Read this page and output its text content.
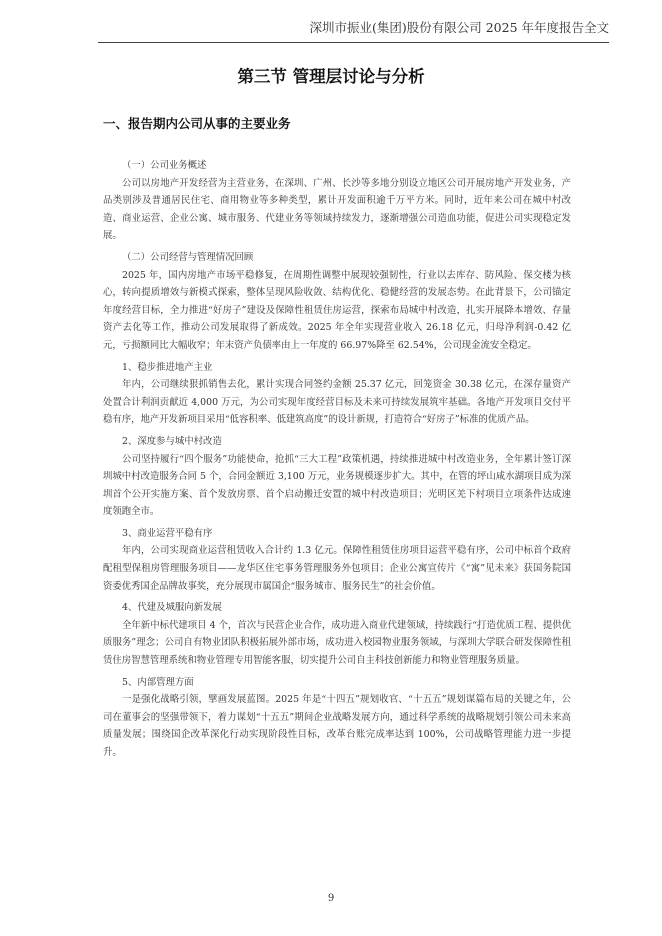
深圳市振业(集团)股份有限公司 2025 年年度报告全文
第三节 管理层讨论与分析
一、报告期内公司从事的主要业务

（一）公司业务概述

公司以房地产开发经营为主营业务，在深圳、广州、长沙等多地分别设立地区公司开展房地产开发业务，产品类别涉及普通居民住宅、商用物业等多种类型，累计开发面积逾千万平方米。同时，近年来公司在城中村改造、商业运营、企业公寓、城市服务、代建业务等领域持续发力，逐渐增强公司造血功能，促进公司实现稳定发展。

（二）公司经营与管理情况回顾

2025 年，国内房地产市场平稳修复，在周期性调整中展现较强韧性，行业以去库存、防风险、保交楼为核心，转向提质增效与新模式探索，整体呈现风险收敛、结构优化、稳健经营的发展态势。在此背景下，公司锚定年度经营目标，全力推进“好房子”建设及保障性租赁住房运营，探索布局城中村改造，扎实开展降本增效、存量资产去化等工作，推动公司发展取得了新成效。2025 年全年实现营业收入 26.18 亿元，归母净利润-0.42 亿元，亏损额同比大幅收窄；年末资产负债率由上一年度的 66.97%降至 62.54%，公司现金流安全稳定。

1、稳步推进地产主业

年内，公司继续狠抓销售去化，累计实现合同签约金额 25.37 亿元，回笼资金 30.38 亿元，在深存量资产处置合计利润贡献近 4,000 万元，为公司实现年度经营目标及未来可持续发展筑牢基础。各地产开发项目交付平稳有序，地产开发新项目采用“低容积率、低建筑高度”的设计新规，打造符合“好房子”标准的优质产品。

2、深度参与城中村改造

公司坚持履行“四个服务”功能使命，抢抓“三大工程”政策机遇，持续推进城中村改造业务，全年累计签订深圳城中村改造服务合同 5 个，合同金额近 3,100 万元，业务规模逐步扩大。其中，在管的坪山咸水湖项目成为深圳首个公开实施方案、首个发放房票、首个启动搬迁安置的城中村改造项目；光明区羌下村项目立项条件达成速度领跑全市。

3、商业运营平稳有序

年内，公司实现商业运营租赁收入合计约 1.3 亿元。保障性租赁住房项目运营平稳有序，公司中标首个政府配租型保租房管理服务项目——龙华区住宅事务管理服务外包项目；企业公寓宣传片《“寓”见未来》获国务院国资委优秀国企品牌故事奖，充分展现市属国企“服务城市、服务民生”的社会价值。

4、代建及城服向新发展

全年新中标代建项目 4 个，首次与民营企业合作，成功进入商业代建领域，持续践行“打造优质工程、提供优质服务”理念；公司自有物业团队积极拓展外部市场，成功进入校园物业服务领域，与深圳大学联合研发保障性租赁住房智慧管理系统和物业管理专用智能客服，切实提升公司自主科技创新能力和物业管理服务质量。

5、内部管理方面

一是强化战略引领，擘画发展蓝图。2025 年是“十四五”规划收官、“十五五”规划谋篇布局的关键之年，公司在董事会的坚强带领下，着力谋划“十五五”期间企业战略发展方向，通过科学系统的战略规划引领公司未来高质量发展；围绕国企改革深化行动实现阶段性目标，改革台账完成率达到 100%，公司战略管理能力进一步提升。

9
